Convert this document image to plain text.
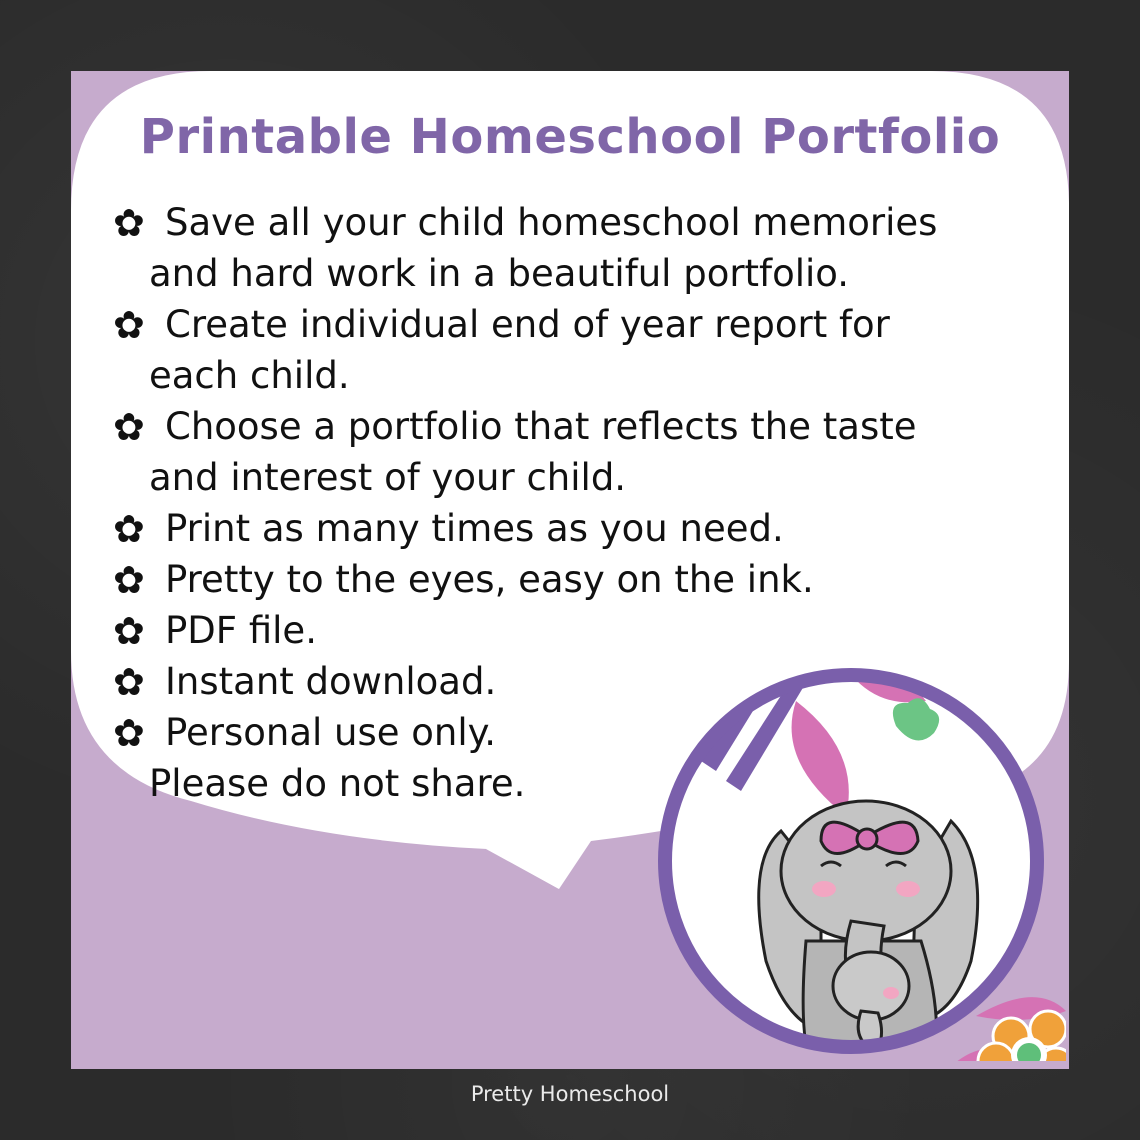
Printable Homeschool Portfolio
✿ Save all your child homeschool memories
and hard work in a beautiful portfolio.
✿ Create individual end of year report for
each child.
✿ Choose a portfolio that reflects the taste
and interest of your child.
✿ Print as many times as you need.
✿ Pretty to the eyes, easy on the ink.
✿ PDF file.
✿ Instant download.
✿ Personal use only.
Please do not share.
Pretty Homeschool
